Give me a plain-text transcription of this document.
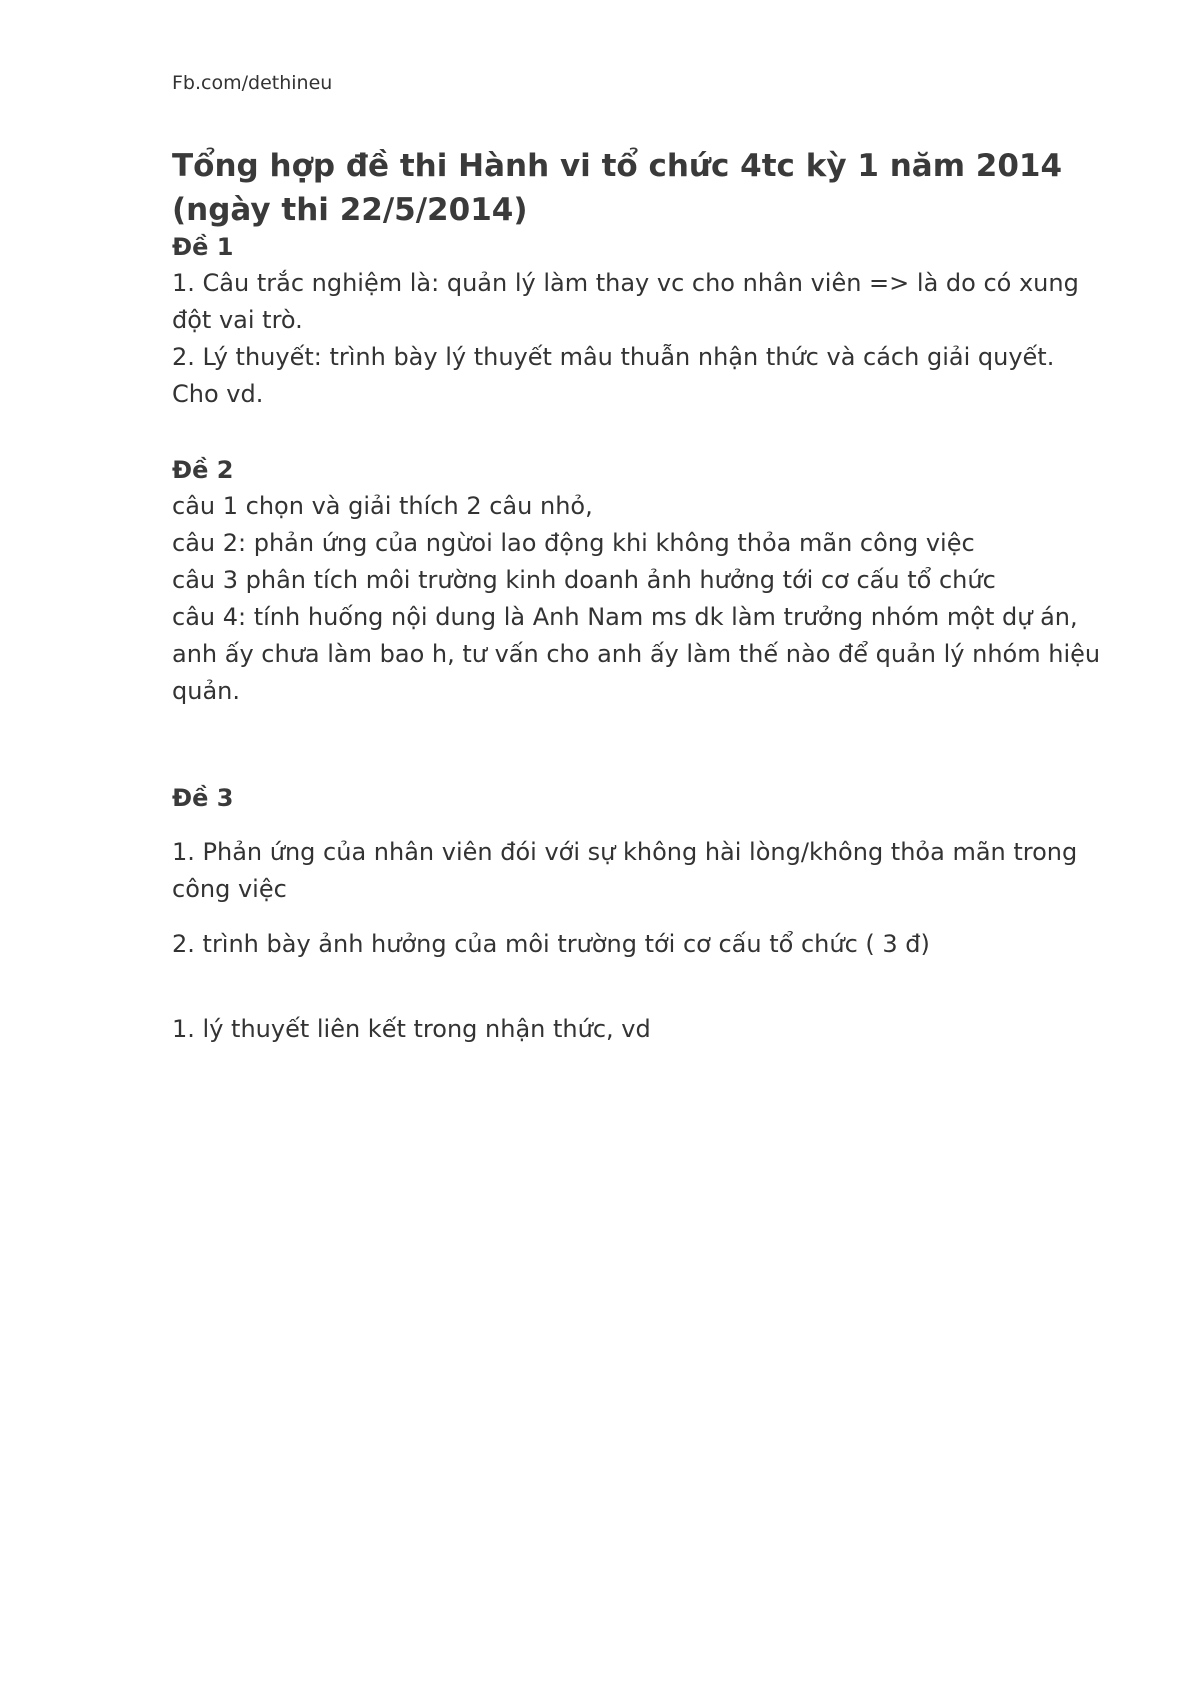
Fb.com/dethineu
Tổng hợp đề thi Hành vi tổ chức 4tc kỳ 1 năm 2014 (ngày thi 22/5/2014)

Đề 1

1. Câu trắc nghiệm là: quản lý làm thay vc cho nhân viên => là do có xung đột vai trò.

2. Lý thuyết: trình bày lý thuyết mâu thuẫn nhận thức và cách giải quyết. Cho vd.

Đề 2

câu 1 chọn và giải thích 2 câu nhỏ,

câu 2: phản ứng của ngừoi lao động khi không thỏa mãn công việc

câu 3 phân tích môi trường kinh doanh ảnh hưởng tới cơ cấu tổ chức

câu 4: tính huống nội dung là Anh Nam ms dk làm trưởng nhóm một dự án, anh ấy chưa làm bao h, tư vấn cho anh ấy làm thế nào để quản lý nhóm hiệu quản.

Đề 3

1. Phản ứng của nhân viên đói với sự không hài lòng/không thỏa mãn trong công việc

2. trình bày ảnh hưởng của môi trường tới cơ cấu tổ chức ( 3 đ)

1. lý thuyết liên kết trong nhận thức, vd
